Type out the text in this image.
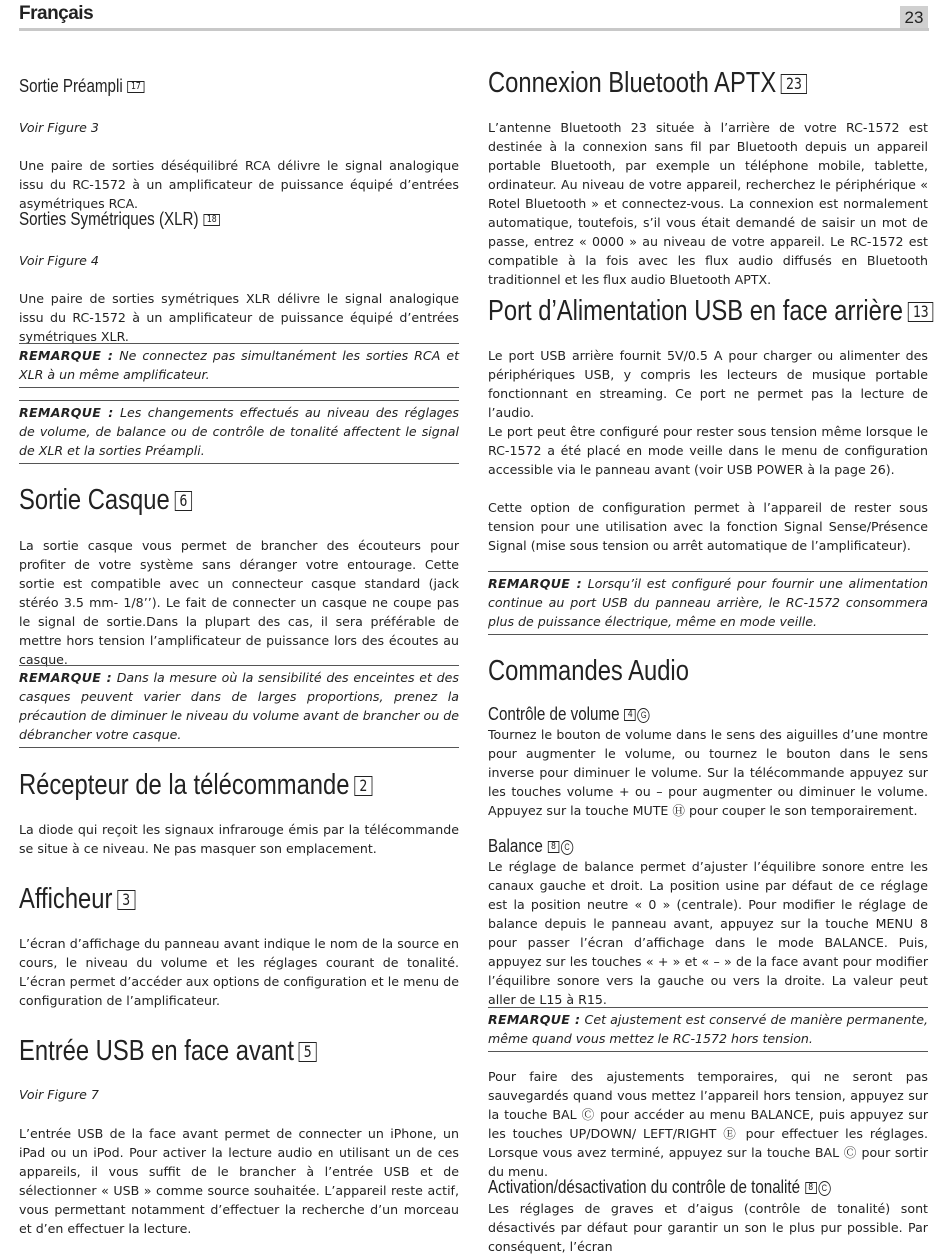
Français	23
Sortie Préampli 17

Voir Figure 3

Une paire de sorties déséquilibré RCA délivre le signal analogique issu du RC-1572 à un amplificateur de puissance équipé d’entrées asymétriques RCA.

Sorties Symétriques (XLR) 18

Voir Figure 4

Une paire de sorties symétriques XLR délivre le signal analogique issu du RC-1572 à un amplificateur de puissance équipé d’entrées symétriques XLR.

REMARQUE : Ne connectez pas simultanément les sorties RCA et XLR à un même amplificateur.
REMARQUE : Les changements effectués au niveau des réglages de volume, de balance ou de contrôle de tonalité affectent le signal de XLR et la sorties Préampli.
Sortie Casque 6

La sortie casque vous permet de brancher des écouteurs pour profiter de votre système sans déranger votre entourage. Cette sortie est compatible avec un connecteur casque standard (jack stéréo 3.5 mm- 1/8’’). Le fait de connecter un casque ne coupe pas le signal de sortie.Dans la plupart des cas, il sera préférable de mettre hors tension l’amplificateur de puissance lors des écoutes au casque.

REMARQUE : Dans la mesure où la sensibilité des enceintes et des casques peuvent varier dans de larges proportions, prenez la précaution de diminuer le niveau du volume avant de brancher ou de débrancher votre casque.
Récepteur de la télécommande 2

La diode qui reçoit les signaux infrarouge émis par la télécommande se situe à ce niveau. Ne pas masquer son emplacement.

Afficheur 3

L’écran d’affichage du panneau avant indique le nom de la source en cours, le niveau du volume et les réglages courant de tonalité. L’écran permet d’accéder aux options de configuration et le menu de configuration de l’amplificateur.

Entrée USB en face avant 5

Voir Figure 7

L’entrée USB de la face avant permet de connecter un iPhone, un iPad ou un iPod. Pour activer la lecture audio en utilisant un de ces appareils, il vous suffit de le brancher à l’entrée USB et de sélectionner « USB » comme source souhaitée. L’appareil reste actif, vous permettant notamment d’effectuer la recherche d’un morceau et d’en effectuer la lecture.

Connexion Bluetooth APTX 23

L’antenne Bluetooth 23 située à l’arrière de votre RC-1572 est destinée à la connexion sans fil par Bluetooth depuis un appareil portable Bluetooth, par exemple un téléphone mobile, tablette, ordinateur. Au niveau de votre appareil, recherchez le périphérique « Rotel Bluetooth » et connectez-vous. La connexion est normalement automatique, toutefois, s’il vous était demandé de saisir un mot de passe, entrez « 0000 » au niveau de votre appareil. Le RC-1572 est compatible à la fois avec les flux audio diffusés en Bluetooth traditionnel et les flux audio Bluetooth APTX.

Port d’Alimentation USB en face arrière 13

Le port USB arrière fournit 5V/0.5 A pour charger ou alimenter des périphériques USB, y compris les lecteurs de musique portable fonctionnant en streaming. Ce port ne permet pas la lecture de l’audio.

Le port peut être configuré pour rester sous tension même lorsque le RC-1572 a été placé en mode veille dans le menu de configuration accessible via le panneau avant (voir USB POWER à la page 26).

Cette option de configuration permet à l’appareil de rester sous tension pour une utilisation avec la fonction Signal Sense/Présence Signal (mise sous tension ou arrêt automatique de l’amplificateur).

REMARQUE : Lorsqu’il est configuré pour fournir une alimentation continue au port USB du panneau arrière, le RC-1572 consommera plus de puissance électrique, même en mode veille.
Commandes Audio
Contrôle de volume 4 G

Tournez le bouton de volume dans le sens des aiguilles d’une montre pour augmenter le volume, ou tournez le bouton dans le sens inverse pour diminuer le volume. Sur la télécommande appuyez sur les touches volume + ou – pour augmenter ou diminuer le volume. Appuyez sur la touche MUTE Ⓗ pour couper le son temporairement.

Balance 8 C

Le réglage de balance permet d’ajuster l’équilibre sonore entre les canaux gauche et droit. La position usine par défaut de ce réglage est la position neutre « 0 » (centrale). Pour modifier le réglage de balance depuis le panneau avant, appuyez sur la touche MENU 8 pour passer l’écran d’affichage dans le mode BALANCE. Puis, appuyez sur les touches « + » et « – » de la face avant pour modifier l’équilibre sonore vers la gauche ou vers la droite. La valeur peut aller de L15 à R15.

REMARQUE : Cet ajustement est conservé de manière permanente, même quand vous mettez le RC-1572 hors tension.

Pour faire des ajustements temporaires, qui ne seront pas sauvegardés quand vous mettez l’appareil hors tension, appuyez sur la touche BAL Ⓒ pour accéder au menu BALANCE, puis appuyez sur les touches UP/DOWN/ LEFT/RIGHT Ⓔ pour effectuer les réglages. Lorsque vous avez terminé, appuyez sur la touche BAL Ⓒ pour sortir du menu.

Activation/désactivation du contrôle de tonalité 8 C

Les réglages de graves et d’aigus (contrôle de tonalité) sont désactivés par défaut pour garantir un son le plus pur possible. Par conséquent, l’écran
